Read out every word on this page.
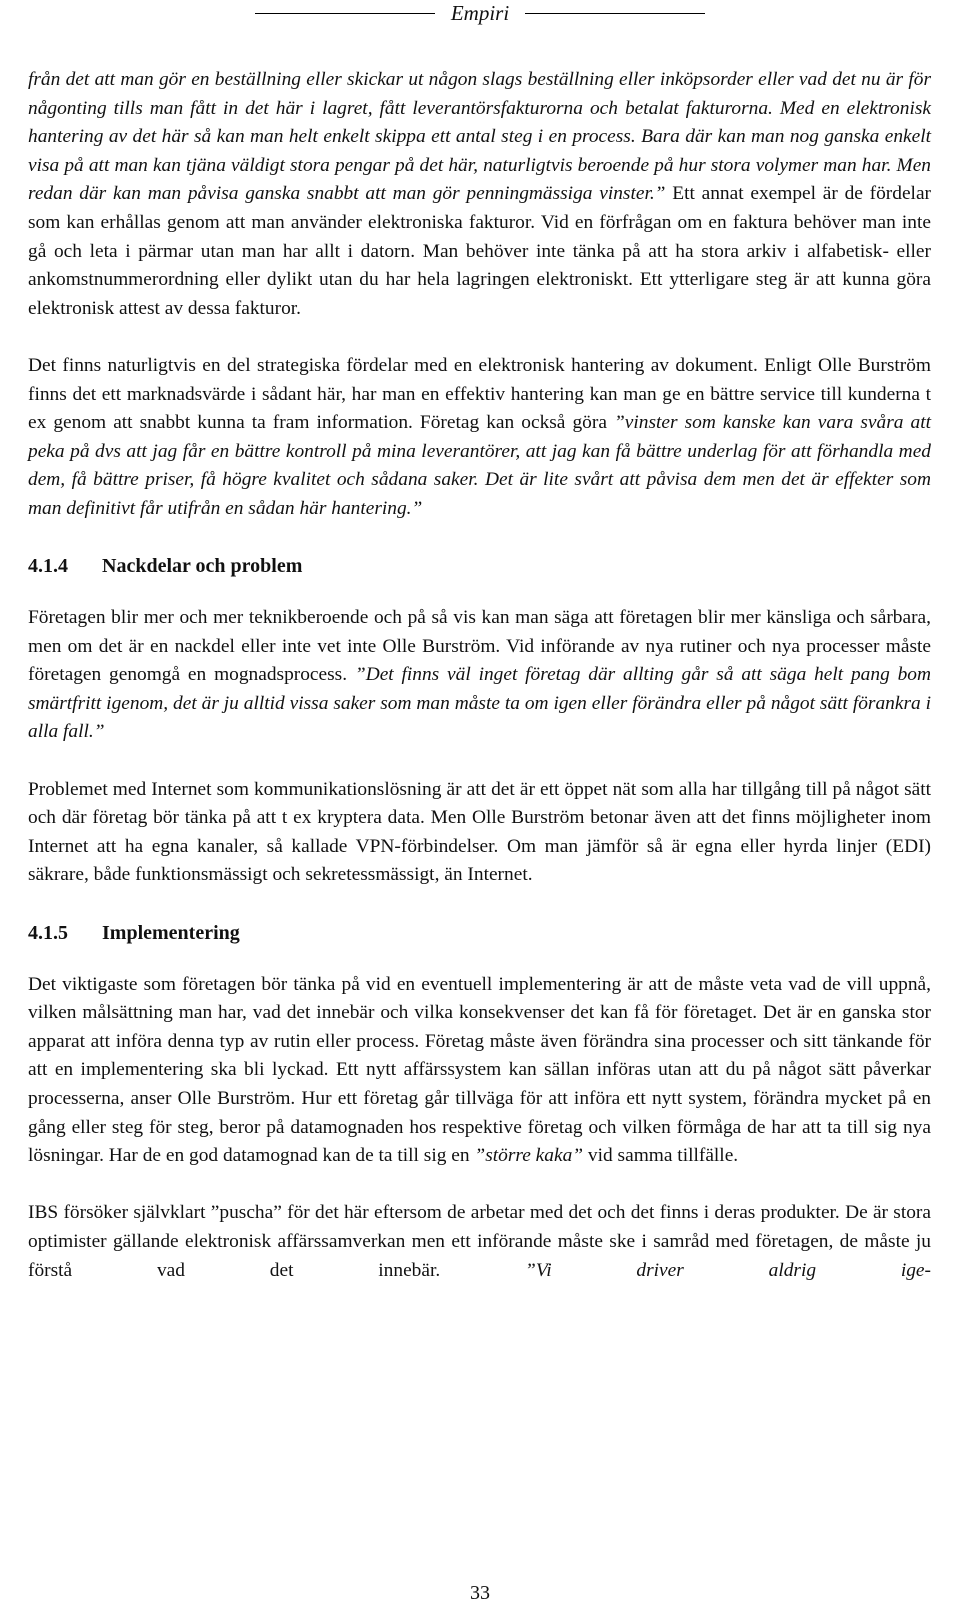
Empiri

från det att man gör en beställning eller skickar ut någon slags beställning eller inköpsorder eller vad det nu är för någonting tills man fått in det här i lagret, fått leverantörsfakturorna och betalat fakturorna. Med en elektronisk hantering av det här så kan man helt enkelt skippa ett antal steg i en process. Bara där kan man nog ganska enkelt visa på att man kan tjäna väldigt stora pengar på det här, naturligtvis beroende på hur stora volymer man har. Men redan där kan man påvisa ganska snabbt att man gör penningmässiga vinster.” Ett annat exempel är de fördelar som kan erhållas genom att man använder elektroniska fakturor. Vid en förfrågan om en faktura behöver man inte gå och leta i pärmar utan man har allt i datorn. Man behöver inte tänka på att ha stora arkiv i alfabetisk- eller ankomstnummerordning eller dylikt utan du har hela lagringen elektroniskt. Ett ytterligare steg är att kunna göra elektronisk attest av dessa fakturor.

Det finns naturligtvis en del strategiska fördelar med en elektronisk hantering av dokument. Enligt Olle Burström finns det ett marknadsvärde i sådant här, har man en effektiv hantering kan man ge en bättre service till kunderna t ex genom att snabbt kunna ta fram information. Företag kan också göra ”vinster som kanske kan vara svåra att peka på dvs att jag får en bättre kontroll på mina leverantörer, att jag kan få bättre underlag för att förhandla med dem, få bättre priser, få högre kvalitet och sådana saker. Det är lite svårt att påvisa dem men det är effekter som man definitivt får utifrån en sådan här hantering.”

4.1.4 Nackdelar och problem

Företagen blir mer och mer teknikberoende och på så vis kan man säga att företagen blir mer känsliga och sårbara, men om det är en nackdel eller inte vet inte Olle Burström. Vid införande av nya rutiner och nya processer måste företagen genomgå en mognadsprocess. ”Det finns väl inget företag där allting går så att säga helt pang bom smärtfritt igenom, det är ju alltid vissa saker som man måste ta om igen eller förändra eller på något sätt förankra i alla fall.”

Problemet med Internet som kommunikationslösning är att det är ett öppet nät som alla har tillgång till på något sätt och där företag bör tänka på att t ex kryptera data. Men Olle Burström betonar även att det finns möjligheter inom Internet att ha egna kanaler, så kallade VPN-förbindelser. Om man jämför så är egna eller hyrda linjer (EDI) säkrare, både funktionsmässigt och sekretessmässigt, än Internet.

4.1.5 Implementering

Det viktigaste som företagen bör tänka på vid en eventuell implementering är att de måste veta vad de vill uppnå, vilken målsättning man har, vad det innebär och vilka konsekvenser det kan få för företaget. Det är en ganska stor apparat att införa denna typ av rutin eller process. Företag måste även förändra sina processer och sitt tänkande för att en implementering ska bli lyckad. Ett nytt affärssystem kan sällan införas utan att du på något sätt påverkar processerna, anser Olle Burström. Hur ett företag går tillväga för att införa ett nytt system, förändra mycket på en gång eller steg för steg, beror på datamognaden hos respektive företag och vilken förmåga de har att ta till sig nya lösningar. Har de en god datamognad kan de ta till sig en ”större kaka” vid samma tillfälle.

IBS försöker självklart ”puscha” för det här eftersom de arbetar med det och det finns i deras produkter. De är stora optimister gällande elektronisk affärssamverkan men ett införande måste ske i samråd med företagen, de måste ju förstå vad det innebär. ”Vi driver aldrig ige-

33
